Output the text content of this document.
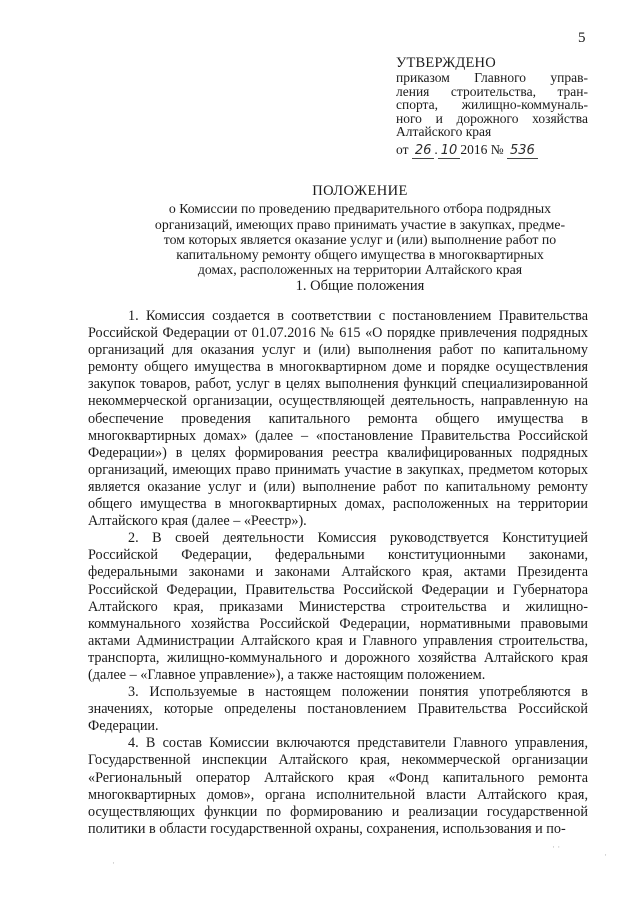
5
УТВЕРЖДЕНО
приказом Главного управ-
ления строительства, тран-
спорта, жилищно-коммуналь-
ного и дорожного хозяйства
Алтайского края
от 26 . 10 2016 № 536
ПОЛОЖЕНИЕ
о Комиссии по проведению предварительного отбора подрядных
организаций, имеющих право принимать участие в закупках, предме-
том которых является оказание услуг и (или) выполнение работ по
капитальному ремонту общего имущества в многоквартирных
домах, расположенных на территории Алтайского края
1. Общие положения

1. Комиссия создается в соответствии с постановлением Правительства Российской Федерации от 01.07.2016 № 615 «О порядке привлечения подрядных организаций для оказания услуг и (или) выполнения работ по капитальному ремонту общего имущества в многоквартирном доме и порядке осуществления закупок товаров, работ, услуг в целях выполнения функций специализированной некоммерческой организации, осуществляющей деятельность, направленную на обеспечение проведения капитального ремонта общего имущества в многоквартирных домах» (далее – «постановление Правительства Российской Федерации») в целях формирования реестра квалифицированных подрядных организаций, имеющих право принимать участие в закупках, предметом которых является оказание услуг и (или) выполнение работ по капитальному ремонту общего имущества в многоквартирных домах, расположенных на территории Алтайского края (далее – «Реестр»).

2. В своей деятельности Комиссия руководствуется Конституцией Российской Федерации, федеральными конституционными законами, федеральными законами и законами Алтайского края, актами Президента Российской Федерации, Правительства Российской Федерации и Губернатора Алтайского края, приказами Министерства строительства и жилищно-коммунального хозяйства Российской Федерации, нормативными правовыми актами Администрации Алтайского края и Главного управления строительства, транспорта, жилищно-коммунального и дорожного хозяйства Алтайского края (далее – «Главное управление»), а также настоящим положением.

3. Используемые в настоящем положении понятия употребляются в значениях, которые определены постановлением Правительства Российской Федерации.

4. В состав Комиссии включаются представители Главного управления, Государственной инспекции Алтайского края, некоммерческой организации «Региональный оператор Алтайского края «Фонд капитального ремонта многоквартирных домов», органа исполнительной власти Алтайского края, осуществляющих функции по формированию и реализации государственной политики в области государственной охраны, сохранения, использования и по-

·
· ·
·
